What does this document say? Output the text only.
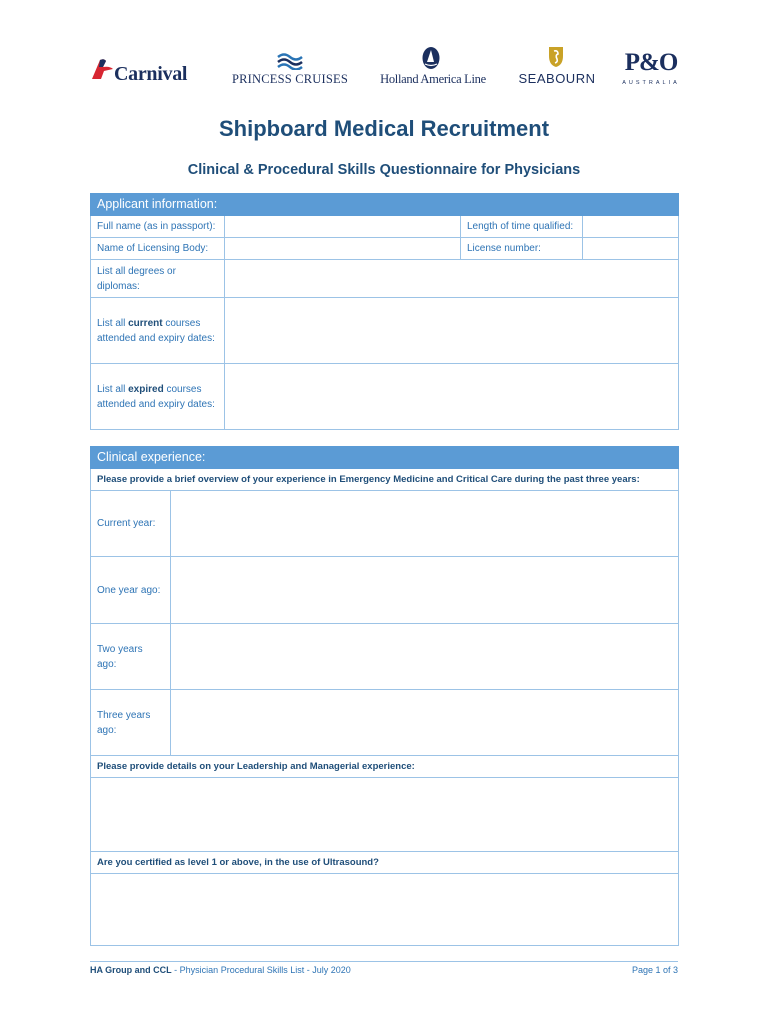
Carnival	PRINCESS CRUISES	Holland America Line	SEABOURN
P&O
AUSTRALIA
Shipboard Medical Recruitment
Clinical & Procedural Skills Questionnaire for Physicians
Applicant information:			
Full name (as in passport):		Length of time qualified:	
Name of Licensing Body:		License number:	
List all degrees or diplomas:			
List all current courses attended and expiry dates:			
List all expired courses attended and expiry dates:			
Clinical experience:	
Please provide a brief overview of your experience in Emergency Medicine and Critical Care during the past three years:	
Current year:	
One year ago:	
Two years ago:	
Three years ago:	
Please provide details on your Leadership and Managerial experience:	

Are you certified as level 1 or above, in the use of Ultrasound?	

HA Group and CCL - Physician Procedural Skills List - July 2020	Page 1 of 3
